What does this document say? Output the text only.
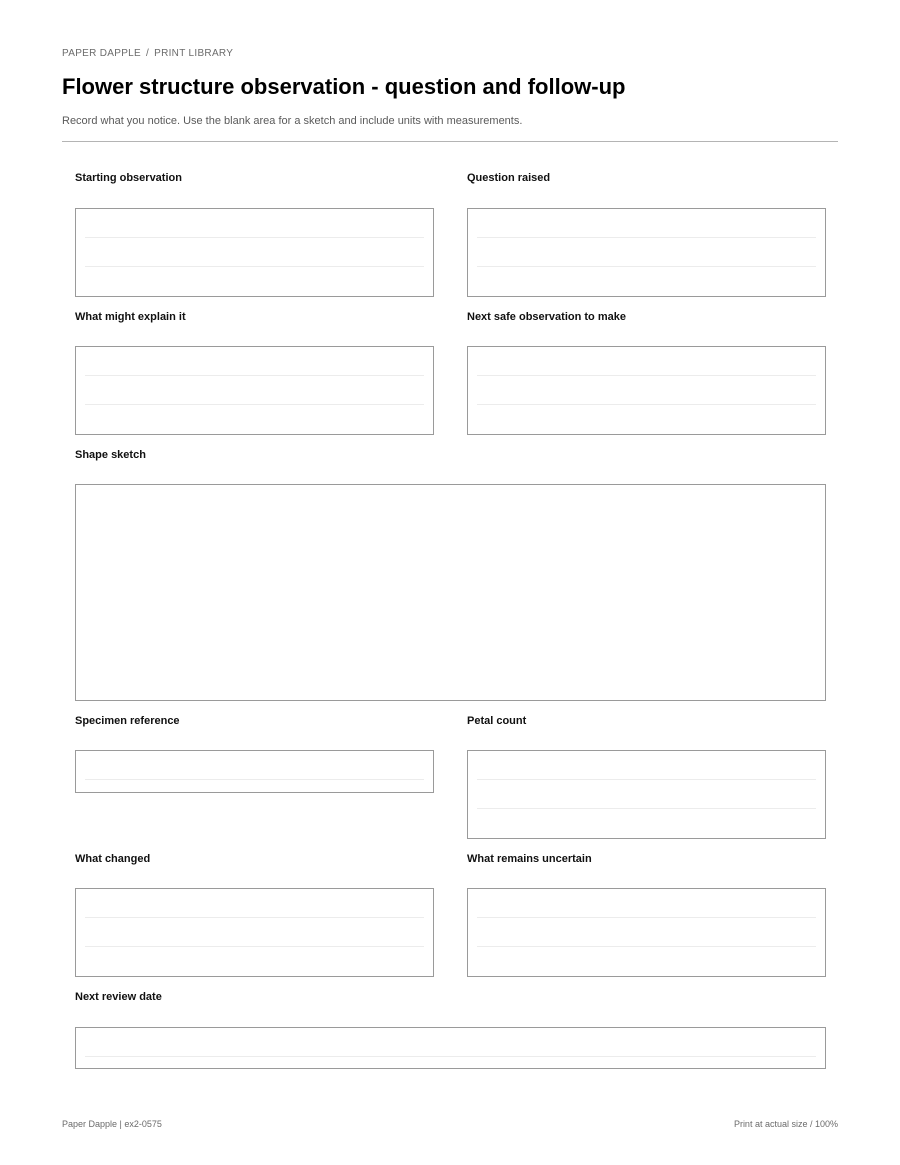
PAPER DAPPLE / PRINT LIBRARY
Flower structure observation - question and follow-up
Record what you notice. Use the blank area for a sketch and include units with measurements.
Starting observation	Question raised
What might explain it	Next safe observation to make
Shape sketch
Specimen reference	Petal count
What changed	What remains uncertain
Next review date
Paper Dapple | ex2-0575	Print at actual size / 100%
